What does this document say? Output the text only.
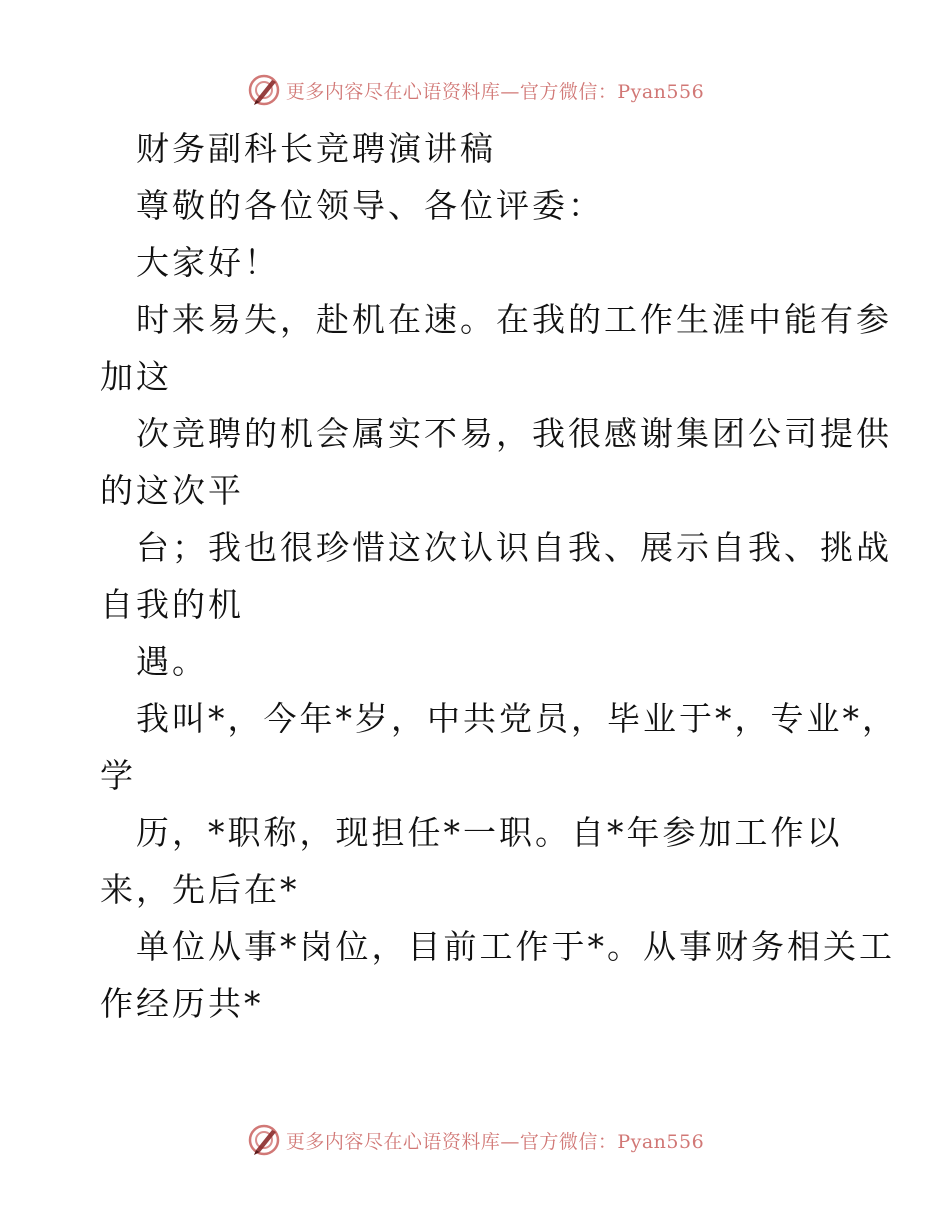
更多内容尽在心语资料库—官方微信：Pyan556
财务副科长竞聘演讲稿
尊敬的各位领导、各位评委：
大家好！
时来易失，赴机在速。在我的工作生涯中能有参
加这
次竞聘的机会属实不易，我很感谢集团公司提供
的这次平
台；我也很珍惜这次认识自我、展示自我、挑战
自我的机
遇。
我叫*，今年*岁，中共党员，毕业于*，专业*，
学
历，*职称，现担任*一职。自*年参加工作以
来，先后在*
单位从事*岗位，目前工作于*。从事财务相关工
作经历共*
更多内容尽在心语资料库—官方微信：Pyan556
